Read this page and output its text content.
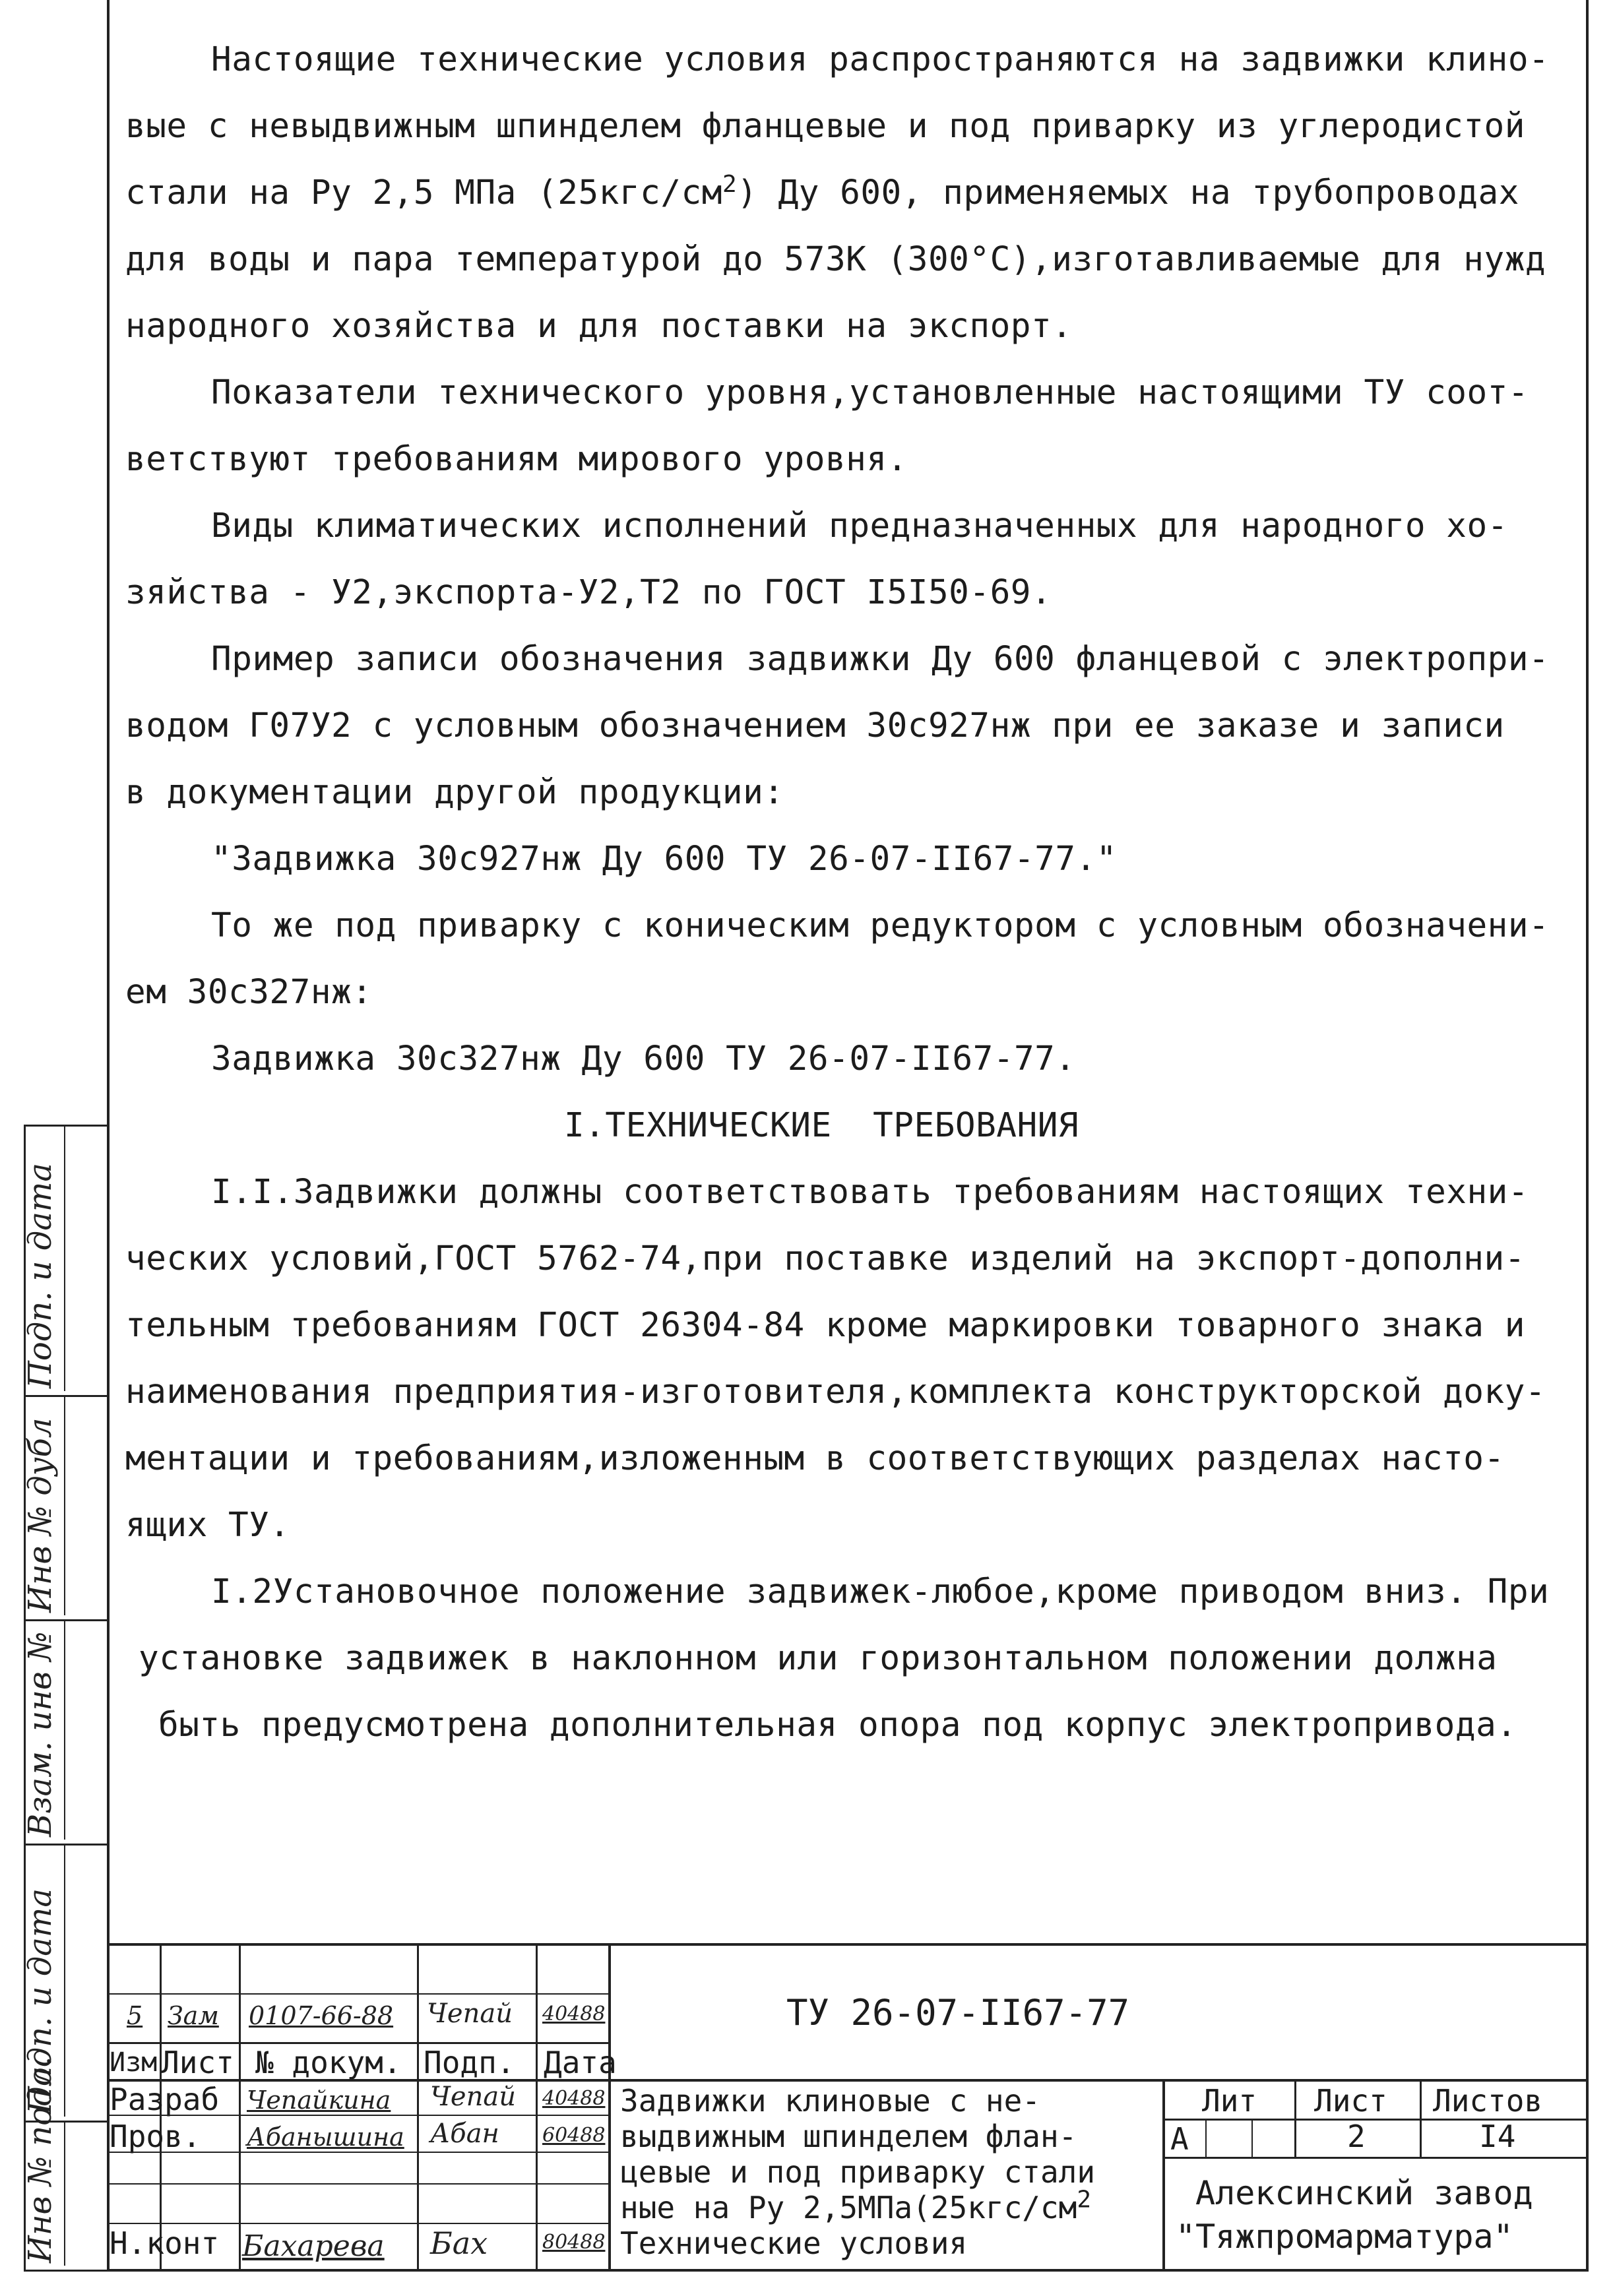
Настоящие технические условия распространяются на задвижки клино-

вые с невыдвижным шпинделем фланцевые и под приварку из углеродистой

стали на Ру 2,5 МПа $(25кгс/см^2)$ Ду 600, применяемых на трубопроводах

для воды и пара температурой до 573К (300°С),изготавливаемые для нужд

народного хозяйства и для поставки на экспорт.

Показатели технического уровня,установленные настоящими ТУ соот-

ветствуют требованиям мирового уровня.

Виды климатических исполнений предназначенных для народного хо-

зяйства - У2,экспорта-У2,Т2 по ГОСТ I5I50-69.

Пример записи обозначения задвижки Ду 600 фланцевой с электропри-

водом Г07У2 с условным обозначением 30с927нж при ее заказе и записи

в документации другой продукции:

"Задвижка 30с927нж Ду 600 ТУ 26-07-II67-77."

То же под приварку с коническим редуктором с условным обозначени-

ем 30с327нж:

Задвижка 30с327нж Ду 600 ТУ 26-07-II67-77.

I.ТЕХНИЧЕСКИЕ  ТРЕБОВАНИЯ

I.I.Задвижки должны соответствовать требованиям настоящих техни-

ческих условий,ГОСТ 5762-74,при поставке изделий на экспорт-дополни-

тельным требованиям ГОСТ 26304-84 кроме маркировки товарного знака и

наименования предприятия-изготовителя,комплекта конструкторской доку-

ментации и требованиям,изложенным в соответствующих разделах насто-

ящих ТУ.

I.2Установочное положение задвижек-любое,кроме приводом вниз. При

установке задвижек в наклонном или горизонтальном положении должна

быть предусмотрена дополнительная опора под корпус электропривода.

Подп. и дата
Инв № дубл
Взам. инв №
Подп. и дата
Инв № подл.
ТУ 26-07-II67-77
5 Зам 0107-66-88 Чепай 40488
Изм Лист № докум. Подп. Дата
Разраб Чепайкина Чепай 40488
Пров. Абанышина Абан 60488
Н.конт Бахарева Бах	80488
Задвижки клиновые с не-
выдвижным шпинделем флан-
цевые и под приварку стали
ные на Ру $2,5МПа(25кгс/см^2$
Технические условия
Лит Лист Листов
А	2	I4
Алексинский завод
"Тяжпромарматура"
